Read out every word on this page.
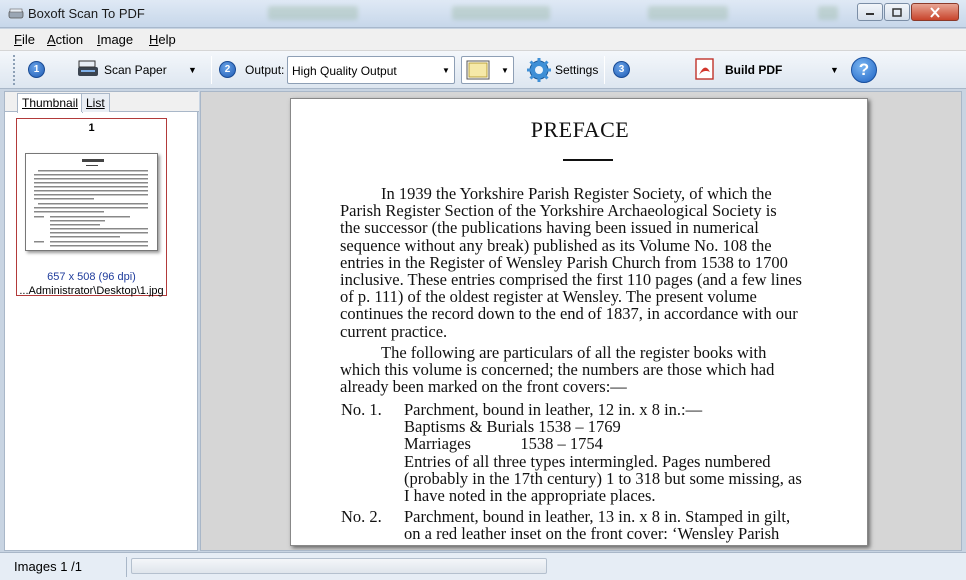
Boxoft Scan To PDF
File Action Image Help
1	Scan Paper ▼	2	Output: High Quality Output	▼	▼	Settings	3	Build PDF	▼ ?
Thumbnail List
1
657 x 508 (96 dpi)
...Administrator\Desktop\1.jpg
PREFACE
In 1939 the Yorkshire Parish Register Society, of which the
Parish Register Section of the Yorkshire Archaeological Society is
the successor (the publications having been issued in numerical
sequence without any break) published as its Volume No. 108 the
entries in the Register of Wensley Parish Church from 1538 to 1700
inclusive. These entries comprised the first 110 pages (and a few lines
of p. 111) of the oldest register at Wensley. The present volume
continues the record down to the end of 1837, in accordance with our
current practice.
The following are particulars of all the register books with
which this volume is concerned; the numbers are those which had
already been marked on the front covers:—
No. 1. Parchment, bound in leather, 12 in. x 8 in.:—
Baptisms & Burials 1538 – 1769
Marriages            1538 – 1754
Entries of all three types intermingled. Pages numbered
(probably in the 17th century) 1 to 318 but some missing, as
I have noted in the appropriate places.
No. 2. Parchment, bound in leather, 13 in. x 8 in. Stamped in gilt,
on a red leather inset on the front cover: ‘Wensley Parish
Images 1 /1
